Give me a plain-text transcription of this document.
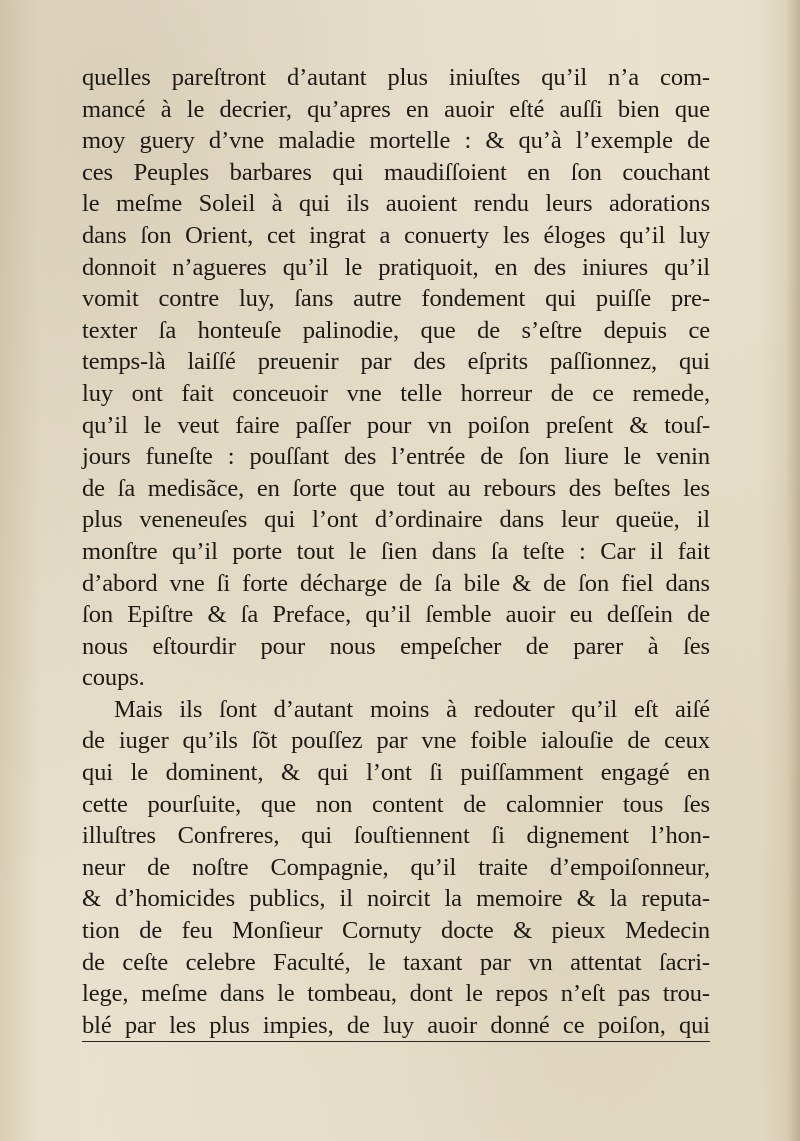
quelles pareſtront d’autant plus iniuſtes qu’il n’a com-
mancé à le decrier, qu’apres en auoir eſté auſſi bien que
moy guery d’vne maladie mortelle : & qu’à l’exemple de
ces Peuples barbares qui maudiſſoient en ſon couchant
le meſme Soleil à qui ils auoient rendu leurs adorations
dans ſon Orient, cet ingrat a conuerty les éloges qu’il luy
donnoit n’agueres qu’il le pratiquoit, en des iniures qu’il
vomit contre luy, ſans autre fondement qui puiſſe pre-
texter ſa honteuſe palinodie, que de s’eſtre depuis ce
temps-là laiſſé preuenir par des eſprits paſſionnez, qui
luy ont fait conceuoir vne telle horreur de ce remede,
qu’il le veut faire paſſer pour vn poiſon preſent & touſ-
jours funeſte : pouſſant des l’entrée de ſon liure le venin
de ſa medisãce, en ſorte que tout au rebours des beſtes les
plus veneneuſes qui l’ont d’ordinaire dans leur queüe, il
monſtre qu’il porte tout le ſien dans ſa teſte : Car il fait
d’abord vne ſi forte décharge de ſa bile & de ſon fiel dans
ſon Epiſtre & ſa Preface, qu’il ſemble auoir eu deſſein de
nous eſtourdir pour nous empeſcher de parer à ſes
coups.
Mais ils ſont d’autant moins à redouter qu’il eſt aiſé
de iuger qu’ils ſõt pouſſez par vne foible ialouſie de ceux
qui le dominent, & qui l’ont ſi puiſſamment engagé en
cette pourſuite, que non content de calomnier tous ſes
illuſtres Confreres, qui ſouſtiennent ſi dignement l’hon-
neur de noſtre Compagnie, qu’il traite d’empoiſonneur,
& d’homicides publics, il noircit la memoire & la reputa-
tion de feu Monſieur Cornuty docte & pieux Medecin
de ceſte celebre Faculté, le taxant par vn attentat ſacri-
lege, meſme dans le tombeau, dont le repos n’eſt pas trou-
blé par les plus impies, de luy auoir donné ce poiſon, qui
